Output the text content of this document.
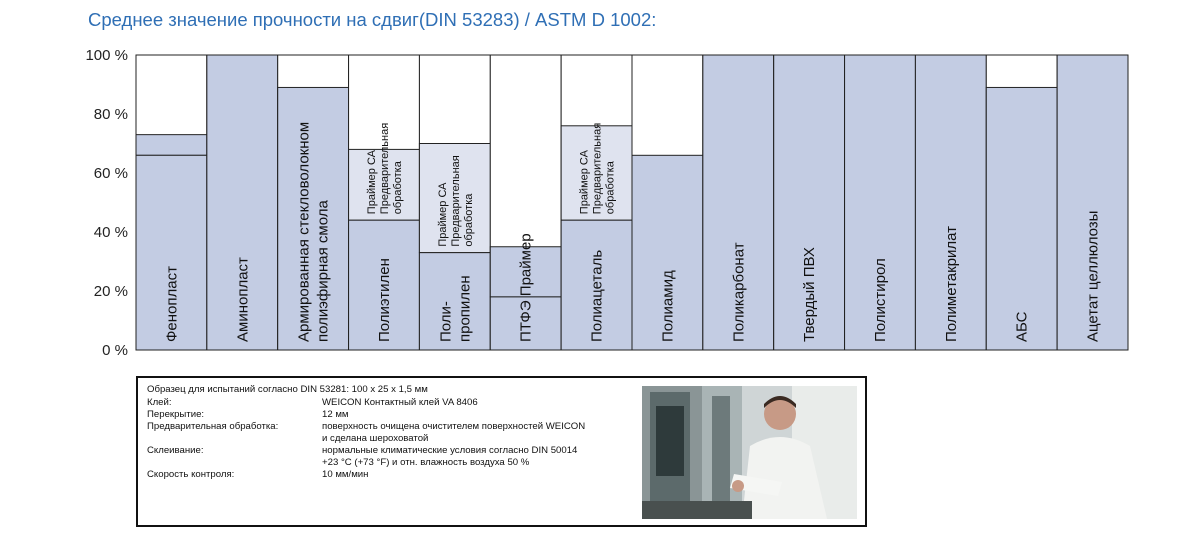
Среднее значение прочности на сдвиг(DIN 53283) / ASTM D 1002:
0 %
20 %
40 %
60 %
80 %
100 %
Фенопласт	Аминопласт	Армированная стекловолокном полиэфирная смола	Полиэтилен
Праймер СА Предварительная обработка
Поли- пропилен
Праймер СА Предварительная обработка
ПТФЭ Праймер	Полиацеталь
Праймер СА Предварительная обработка
Полиамид	Поликарбонат	Твердый ПВХ	Полистирол	Полиметакрилат	АБС	Ацетат целлюлозы
Образец для испытаний согласно DIN 53281: 100 x 25 x 1,5 мм
Клей:	WEICON Контактный клей VA 8406
Перекрытие:	12 мм
Предварительная обработка:	поверхность очищена очистителем поверхностей WEICON
и сделана шероховатой
Склеивание:	нормальные климатические условия согласно DIN 50014
+23 °C (+73 °F) и отн. влажность воздуха 50 %
Скорость контроля:	10 мм/мин
